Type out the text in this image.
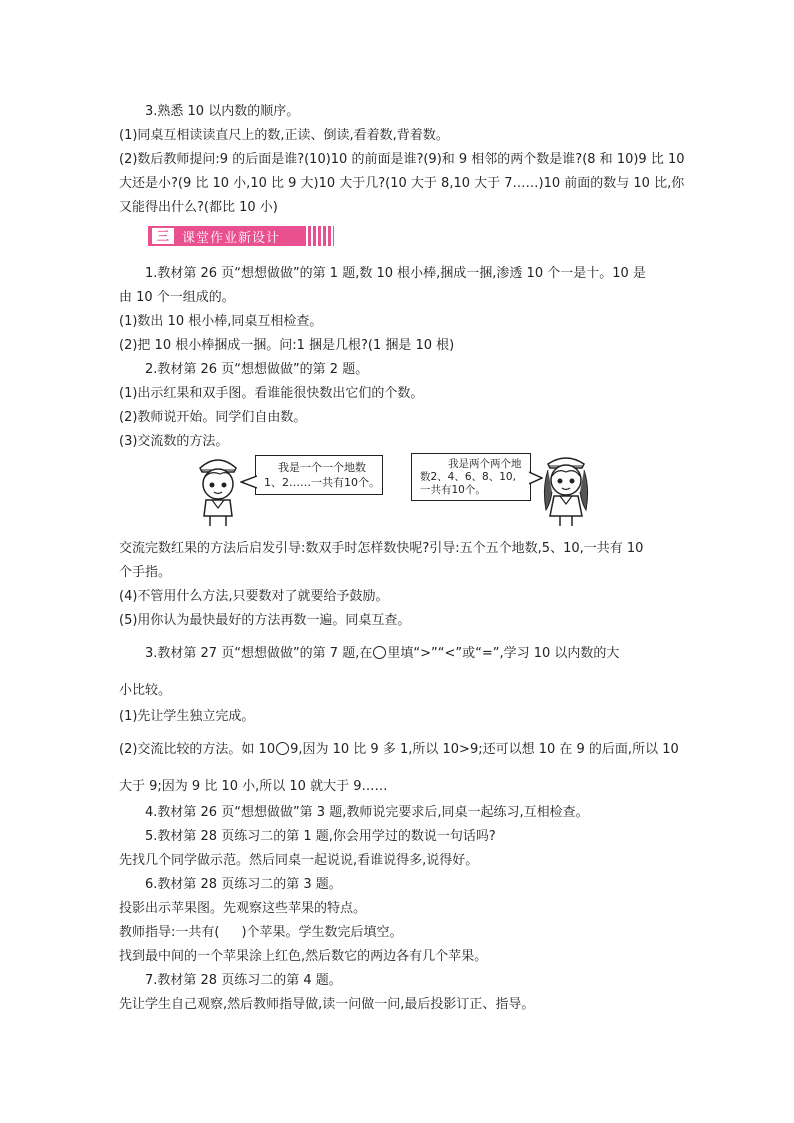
3.熟悉 10 以内数的顺序。
(1)同桌互相读读直尺上的数,正读、倒读,看着数,背着数。
(2)数后教师提问:9 的后面是谁?(10)10 的前面是谁?(9)和 9 相邻的两个数是谁?(8 和 10)9 比 10
大还是小?(9 比 10 小,10 比 9 大)10 大于几?(10 大于 8,10 大于 7……)10 前面的数与 10 比,你
又能得出什么?(都比 10 小)
三	课堂作业新设计
1.教材第 26 页“想想做做”的第 1 题,数 10 根小棒,捆成一捆,渗透 10 个一是十。10 是
由 10 个一组成的。
(1)数出 10 根小棒,同桌互相检查。
(2)把 10 根小棒捆成一捆。问:1 捆是几根?(1 捆是 10 根)
2.教材第 26 页“想想做做”的第 2 题。
(1)出示红果和双手图。看谁能很快数出它们的个数。
(2)教师说开始。同学们自由数。
(3)交流数的方法。
我是一个一个地数
1、2……一共有10个。
我是两个两个地
数2、4、6、8、10,
一共有10个。
交流完数红果的方法后启发引导:数双手时怎样数快呢?引导:五个五个地数,5、10,一共有 10
个手指。
(4)不管用什么方法,只要数对了就要给予鼓励。
(5)用你认为最快最好的方法再数一遍。同桌互查。
3.教材第 27 页“想想做做”的第 7 题,在 里填“>”“<”或“=”,学习 10 以内数的大
小比较。
(1)先让学生独立完成。
(2)交流比较的方法。如 10 9,因为 10 比 9 多 1,所以 10>9;还可以想 10 在 9 的后面,所以 10
大于 9;因为 9 比 10 小,所以 10 就大于 9……
4.教材第 26 页“想想做做”第 3 题,教师说完要求后,同桌一起练习,互相检查。
5.教材第 28 页练习二的第 1 题,你会用学过的数说一句话吗?
先找几个同学做示范。然后同桌一起说说,看谁说得多,说得好。
6.教材第 28 页练习二的第 3 题。
投影出示苹果图。先观察这些苹果的特点。
教师指导:一共有( )个苹果。学生数完后填空。
找到最中间的一个苹果涂上红色,然后数它的两边各有几个苹果。
7.教材第 28 页练习二的第 4 题。
先让学生自己观察,然后教师指导做,读一问做一问,最后投影订正、指导。
